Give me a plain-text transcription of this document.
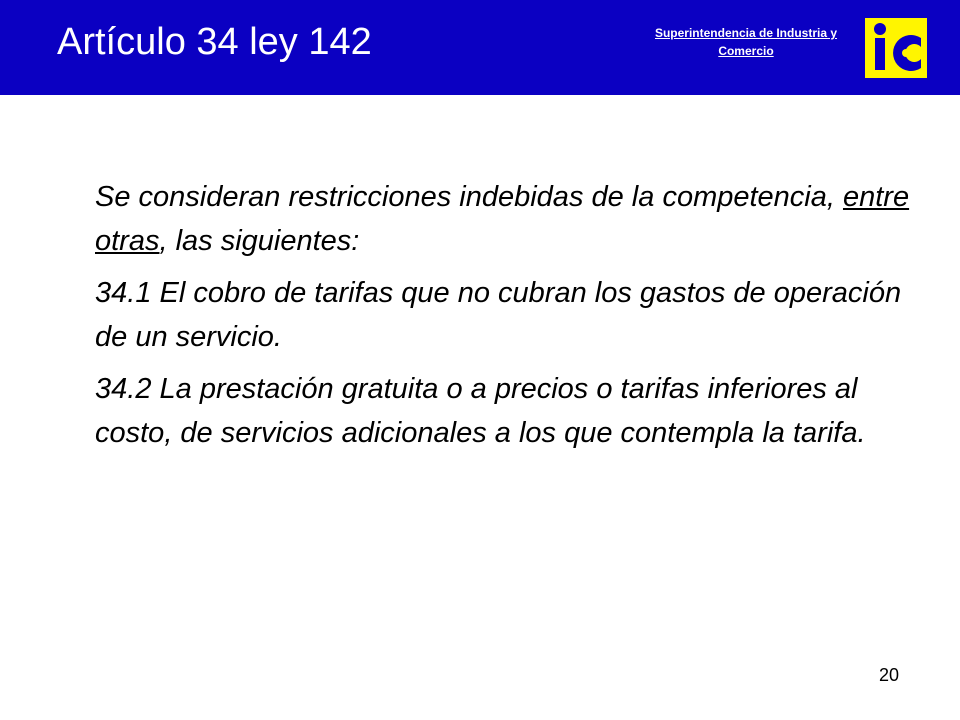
Artículo 34 ley 142	Superintendencia de Industria y
Comercio

Se consideran restricciones indebidas de la competencia, entre otras, las siguientes:

34.1 El cobro de tarifas que no cubran los gastos de operación de un servicio.

34.2 La prestación gratuita o a precios o tarifas inferiores al costo, de servicios adicionales a los que contempla la tarifa.

20
